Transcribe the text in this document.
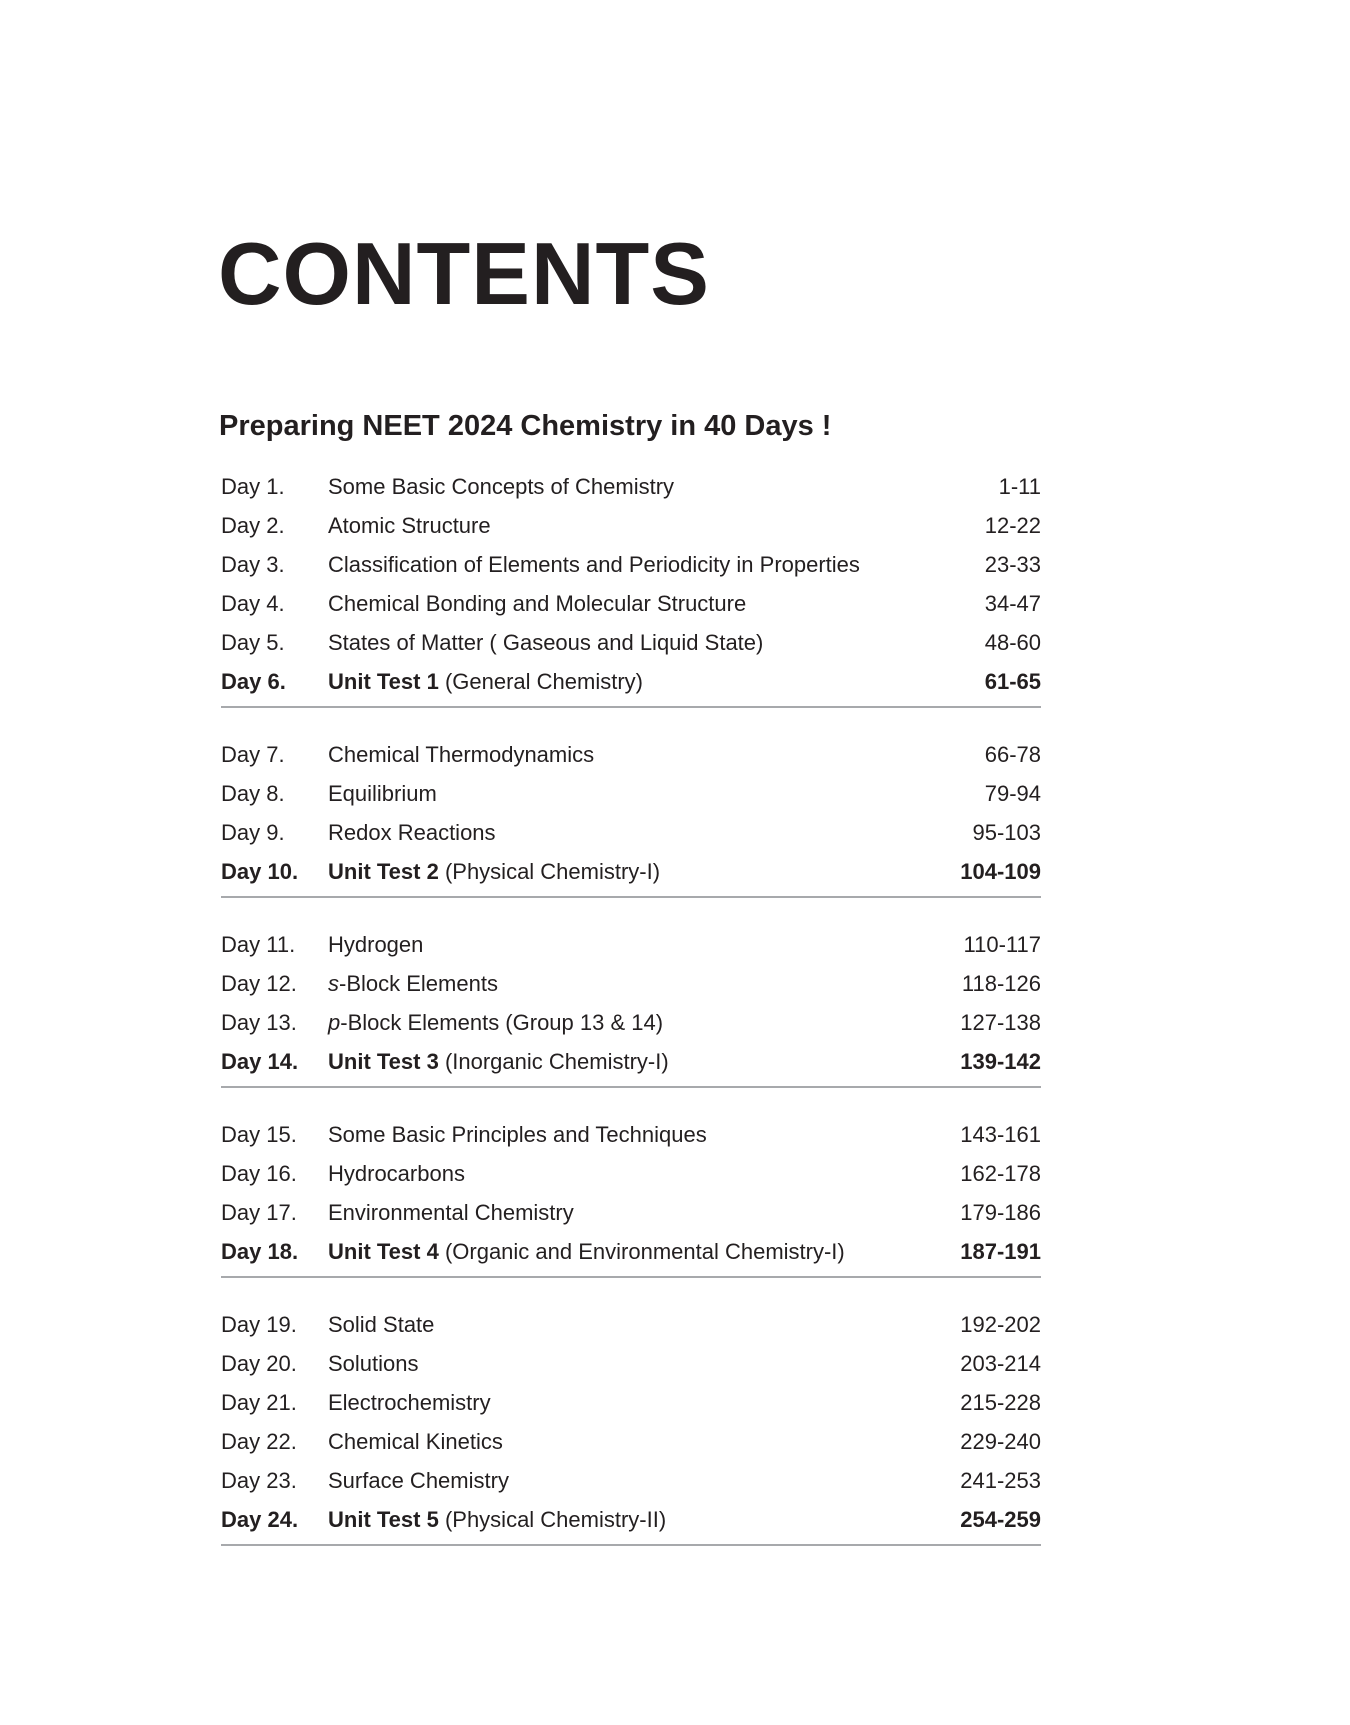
CONTENTS
Preparing NEET 2024 Chemistry in 40 Days !
Day 1.	Some Basic Concepts of Chemistry	1-11
Day 2.	Atomic Structure	12-22
Day 3.	Classification of Elements and Periodicity in Properties	23-33
Day 4.	Chemical Bonding and Molecular Structure	34-47
Day 5.	States of Matter ( Gaseous and Liquid State)	48-60
Day 6.	Unit Test 1 (General Chemistry)	61-65
Day 7.	Chemical Thermodynamics	66-78
Day 8.	Equilibrium	79-94
Day 9.	Redox Reactions	95-103
Day 10.	Unit Test 2 (Physical Chemistry-I)	104-109
Day 11.	Hydrogen	110-117
Day 12.	s-Block Elements	118-126
Day 13.	p-Block Elements (Group 13 & 14)	127-138
Day 14.	Unit Test 3 (Inorganic Chemistry-I)	139-142
Day 15.	Some Basic Principles and Techniques	143-161
Day 16.	Hydrocarbons	162-178
Day 17.	Environmental Chemistry	179-186
Day 18.	Unit Test 4 (Organic and Environmental Chemistry-I)	187-191
Day 19.	Solid State	192-202
Day 20.	Solutions	203-214
Day 21.	Electrochemistry	215-228
Day 22.	Chemical Kinetics	229-240
Day 23.	Surface Chemistry	241-253
Day 24.	Unit Test 5 (Physical Chemistry-II)	254-259
